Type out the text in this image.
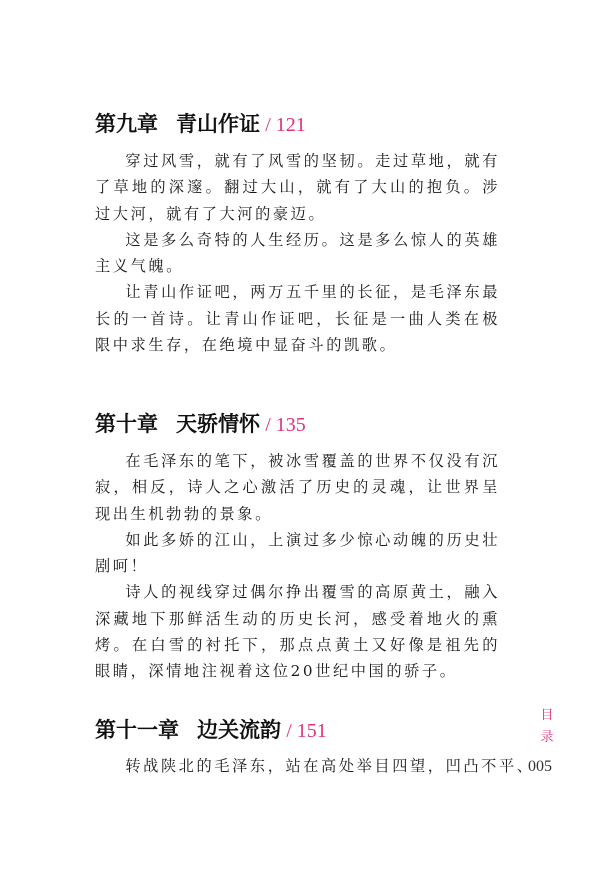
第九章 青山作证 / 121

穿过风雪，就有了风雪的坚韧。走过草地，就有了草地的深邃。翻过大山，就有了大山的抱负。涉过大河，就有了大河的豪迈。

这是多么奇特的人生经历。这是多么惊人的英雄主义气魄。

让青山作证吧，两万五千里的长征，是毛泽东最长的一首诗。让青山作证吧，长征是一曲人类在极限中求生存，在绝境中显奋斗的凯歌。

第十章 天骄情怀 / 135

在毛泽东的笔下，被冰雪覆盖的世界不仅没有沉寂，相反，诗人之心激活了历史的灵魂，让世界呈现出生机勃勃的景象。

如此多娇的江山，上演过多少惊心动魄的历史壮剧呵！

诗人的视线穿过偶尔挣出覆雪的高原黄土，融入深藏地下那鲜活生动的历史长河，感受着地火的熏烤。在白雪的衬托下，那点点黄土又好像是祖先的眼睛，深情地注视着这位20世纪中国的骄子。

第十一章 边关流韵 / 151

转战陕北的毛泽东，站在高处举目四望，凹凸不平、

目
录
005
